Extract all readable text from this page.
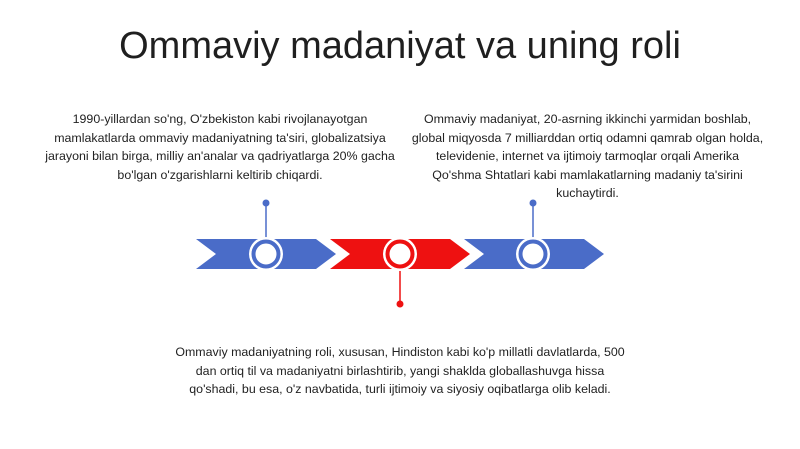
Ommaviy madaniyat va uning roli
1990-yillardan so'ng, O'zbekiston kabi rivojlanayotgan mamlakatlarda ommaviy madaniyatning ta'siri, globalizatsiya jarayoni bilan birga, milliy an'analar va qadriyatlarga 20% gacha bo'lgan o'zgarishlarni keltirib chiqardi.
Ommaviy madaniyat, 20-asrning ikkinchi yarmidan boshlab, global miqyosda 7 milliarddan ortiq odamni qamrab olgan holda, televidenie, internet va ijtimoiy tarmoqlar orqali Amerika Qo'shma Shtatlari kabi mamlakatlarning madaniy ta'sirini kuchaytirdi.
Ommaviy madaniyatning roli, xususan, Hindiston kabi ko'p millatli davlatlarda, 500 dan ortiq til va madaniyatni birlashtirib, yangi shaklda globallashuvga hissa qo'shadi, bu esa, o'z navbatida, turli ijtimoiy va siyosiy oqibatlarga olib keladi.
